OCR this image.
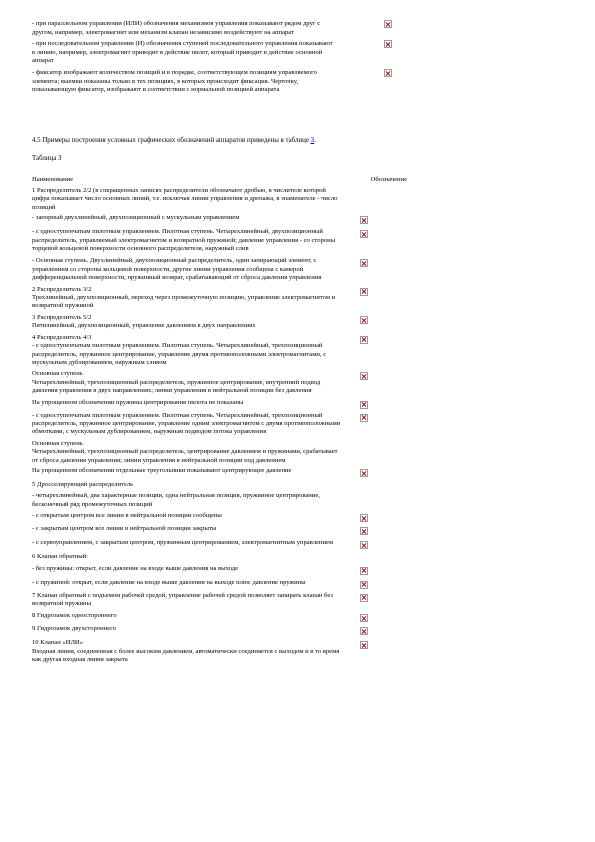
- при параллельном управлении (ИЛИ) обозначения механизмов управления показывают рядом друг с другом, например, электромагнит или механизм клапан независимо воздействуют на аппарат
- при последовательном управлении (И) обозначения ступеней последовательного управления показывают в линию, например, электромагнит приводит в действие пилот, который приводит в действие основной аппарат
- фиксатор изображают количеством позиций и в порядке, соответствующем позициям управляемого элемента; выемки показаны только в тех позициях, в которых происходит фиксация. Черточку, показывающую фиксатор, изображают в соответствии с нормальной позицией аппарата
4.5 Примеры построения условных графических обозначений аппаратов приведены в таблице 3.
Таблица 3
Наименование	Обозначение
1 Распределитель 2/2 (в сокращенных записях распределители обозначают дробью, в числителе которой цифра показывает число основных линий, т.е. исключая линии управления и дренажа, в знаменателе - число позиций
- запорный двухлинейный, двухпозиционный с мускульным управлением
- с одноступенчатым пилотным управлением. Пилотная ступень. Четырехлинейный, двухпозиционный распределитель, управляемый электромагнитом и возвратной пружиной; давление управления - со стороны торцевой кольцевой поверхности основного распределителя, наружный слив
- Основная ступень. Двухлинейный, двухпозиционный распределитель, один запирающий элемент, с управлением со стороны кольцевой поверхности, другие линии управления сообщена с камерой дифференциальной поверхности, пружинный возврат, срабатывающий от сброса давления управления
2 Распределитель 3/2
Трехлинейный, двухпозиционный, переход через промежуточную позицию, управление электромагнитом и возвратной пружиной
3 Распределитель 5/2
Пятилинейный, двухпозиционный, управление давлением в двух направлениях
4 Распределитель 4/3
- с одноступенчатым пилотным управлением. Пилотная ступень. Четырехлинейный, трехпозиционный распределитель, пружинное центрирование, управление двумя противоположными электромагнитами, с мускульным дублированием, наружным сливом
Основная ступень
Четырехлинейный, трехпозиционный распределитель, пружинное центрирование, внутренний подвод давления управления в двух направлениях; линии управления в нейтральной позиции без давления
На упрощенном обозначении пружины центрирования пилота не показаны
- с одноступенчатым пилотным управлением. Пилотная ступень. Четырехлинейный, трехпозиционный распределитель, пружинное центрирование, управление одним электромагнитом с двумя противоположными обмотками, с мускульным дублированием, наружным подводом потока управления
Основная ступень
Четырехлинейный, трехпозиционный распределитель, центрирование давлением и пружинами, срабатывает от сброса давления управления; линии управления в нейтральной позиции под давлением
На упрощенном обозначении отдельные треугольники показывают центрирующее давление
5 Дросселирующий распределитель
- четырехлинейный, два характерные позиции, одна нейтральная позиция, пружинное центрирование, бесконечный ряд промежуточных позиций
- с открытым центром все линии в нейтральной позиции сообщены
- с закрытым центром все линии в нейтральной позиции закрыты
- с сервоуправлением, с закрытым центром, пружинным центрированием, электромагнитным управлением
6 Клапан обратный:
- без пружины: открыт, если давление на входе выше давления на выходе
- с пружиной: открыт, если давление на входе выше давления на выходе плюс давление пружины
7 Клапан обратный с подъемом рабочей средой, управление рабочей средой позволяет запирать клапан без возвратной пружины
8 Гидрозамок одностороннего
9 Гидрозамок двухстороннего
10 Клапан «ИЛИ»
Входная линия, соединенная с более высоким давлением, автоматически соединяется с выходом и в то время как другая входная линия закрыта
